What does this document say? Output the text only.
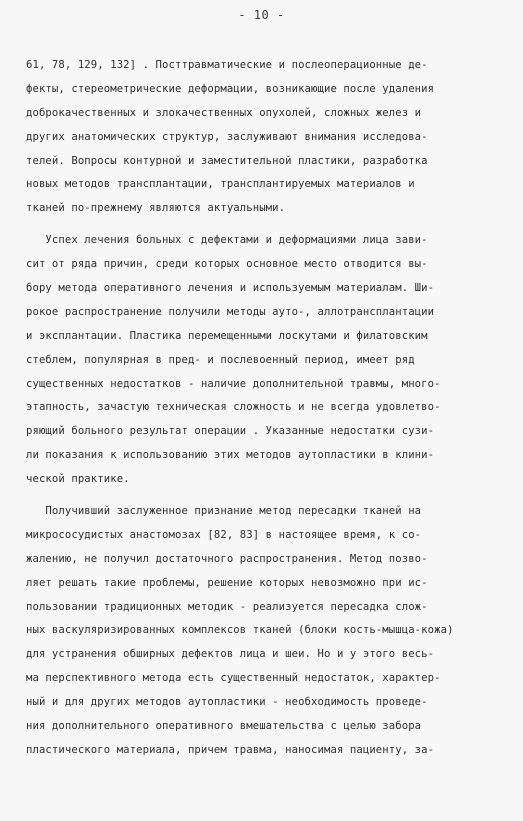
- 10 -
61, 78, 129, 132] . Посттравматические и послеоперационные де-
фекты, стереометрические деформации, возникающие после удаления
доброкачественных и злокачественных опухолей, сложных желез и
других анатомических структур, заслуживают внимания исследова-
телей. Вопросы контурной и заместительной пластики, разработка
новых методов трансплантации, трансплантируемых материалов и
тканей по-прежнему являются актуальными.
Успех лечения больных с дефектами и деформациями лица зави-
сит от ряда причин, среди которых основное место отводится вы-
бору метода оперативного лечения и используемым материалам. Ши-
рокое распространение получили методы ауто-, аллотрансплантации
и эксплантации. Пластика перемещенными лоскутами и филатовским
стеблем, популярная в пред- и послевоенный период, имеет ряд
существенных недостатков - наличие дополнительной травмы, много-
этапность, зачастую техническая сложность и не всегда удовлетво-
ряющий больного результат операции . Указанные недостатки сузи-
ли показания к использованию этих методов аутопластики в клини-
ческой практике.
Получивший заслуженное признание метод пересадки тканей на
микрососудистых анастомозах [82, 83] в настоящее время, к со-
жалению, не получил достаточного распространения. Метод позво-
ляет решать такие проблемы, решение которых невозможно при ис-
пользовании традиционных методик - реализуется пересадка слож-
ных васкуляризированных комплексов тканей (блоки кость-мышца-кожа)
для устранения обширных дефектов лица и шеи. Но и у этого весь-
ма перспективного метода есть существенный недостаток, характер-
ный и для других методов аутопластики - необходимость проведе-
ния дополнительного оперативного вмешательства с целью забора
пластического материала, причем травма, наносимая пациенту, за-
